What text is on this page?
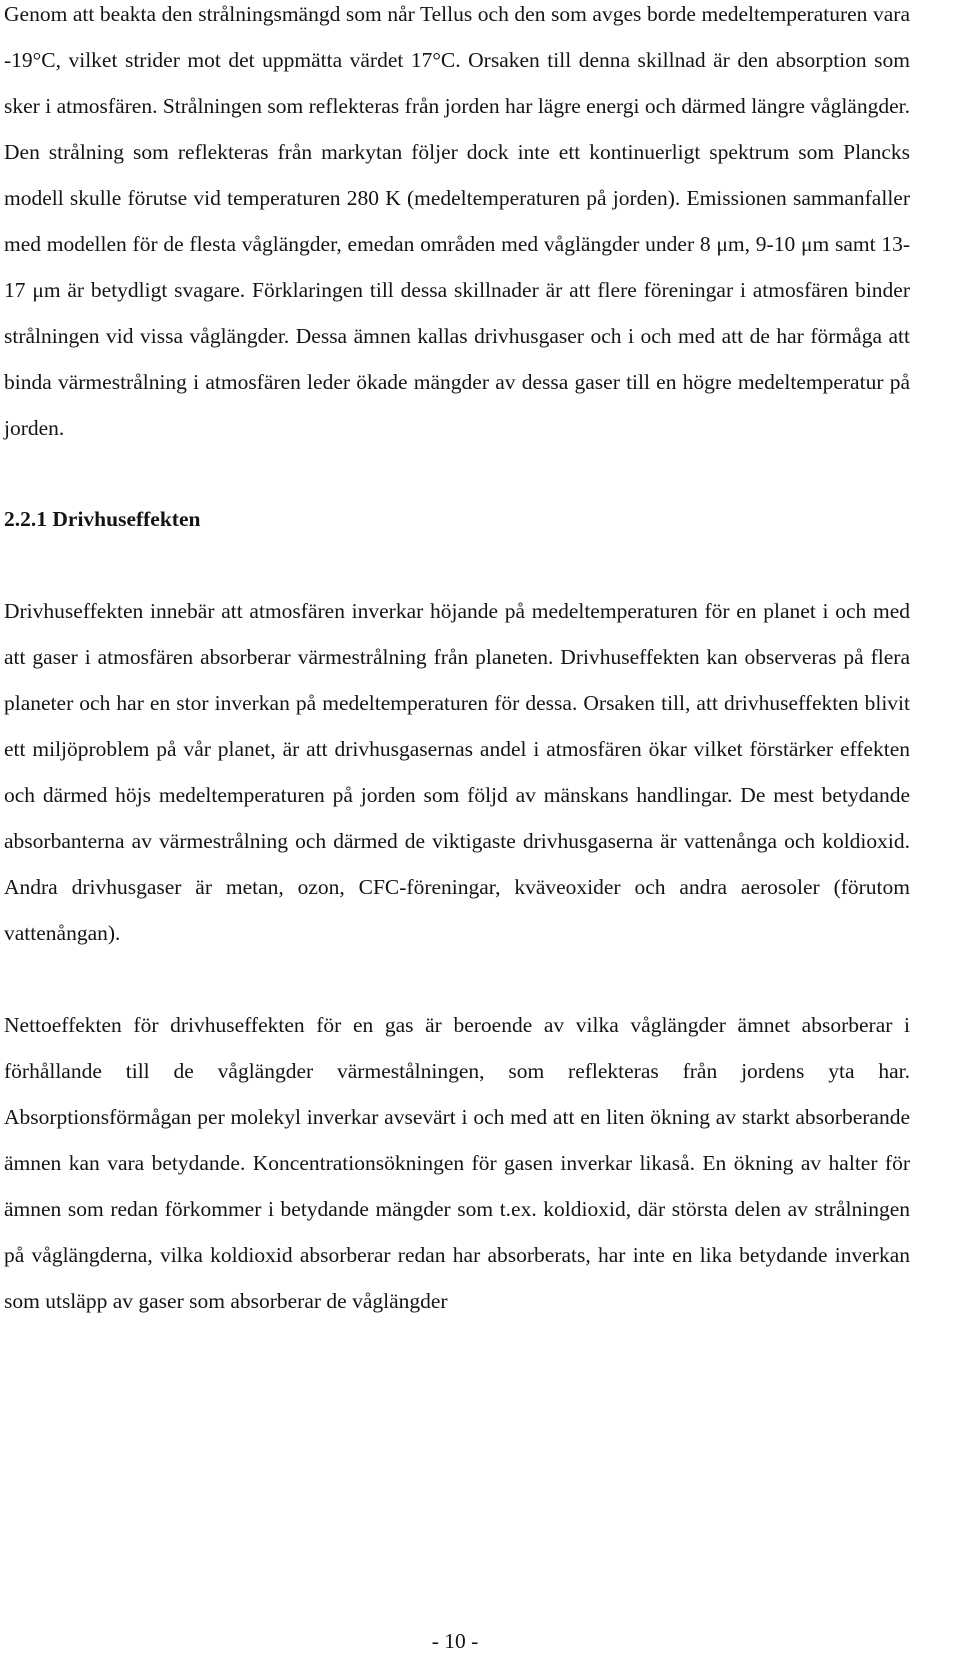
Genom att beakta den strålningsmängd som når Tellus och den som avges borde medeltemperaturen vara -19°C, vilket strider mot det uppmätta värdet 17°C. Orsaken till denna skillnad är den absorption som sker i atmosfären. Strålningen som reflekteras från jorden har lägre energi och därmed längre våglängder. Den strålning som reflekteras från markytan följer dock inte ett kontinuerligt spektrum som Plancks modell skulle förutse vid temperaturen 280 K (medeltemperaturen på jorden). Emissionen sammanfaller med modellen för de flesta våglängder, emedan områden med våglängder under 8 μm, 9-10 μm samt 13-17 μm är betydligt svagare. Förklaringen till dessa skillnader är att flere föreningar i atmosfären binder strålningen vid vissa våglängder. Dessa ämnen kallas drivhusgaser och i och med att de har förmåga att binda värmestrålning i atmosfären leder ökade mängder av dessa gaser till en högre medeltemperatur på jorden.

2.2.1 Drivhuseffekten

Drivhuseffekten innebär att atmosfären inverkar höjande på medeltemperaturen för en planet i och med att gaser i atmosfären absorberar värmestrålning från planeten. Drivhuseffekten kan observeras på flera planeter och har en stor inverkan på medeltemperaturen för dessa. Orsaken till, att drivhuseffekten blivit ett miljöproblem på vår planet, är att drivhusgasernas andel i atmosfären ökar vilket förstärker effekten och därmed höjs medeltemperaturen på jorden som följd av mänskans handlingar. De mest betydande absorbanterna av värmestrålning och därmed de viktigaste drivhusgaserna är vattenånga och koldioxid. Andra drivhusgaser är metan, ozon, CFC-föreningar, kväveoxider och andra aerosoler (förutom vattenångan).

Nettoeffekten för drivhuseffekten för en gas är beroende av vilka våglängder ämnet absorberar i förhållande till de våglängder värmestålningen, som reflekteras från jordens yta har. Absorptionsförmågan per molekyl inverkar avsevärt i och med att en liten ökning av starkt absorberande ämnen kan vara betydande. Koncentrationsökningen för gasen inverkar likaså. En ökning av halter för ämnen som redan förkommer i betydande mängder som t.ex. koldioxid, där största delen av strålningen på våglängderna, vilka koldioxid absorberar redan har absorberats, har inte en lika betydande inverkan som utsläpp av gaser som absorberar de våglängder

- 10 -
